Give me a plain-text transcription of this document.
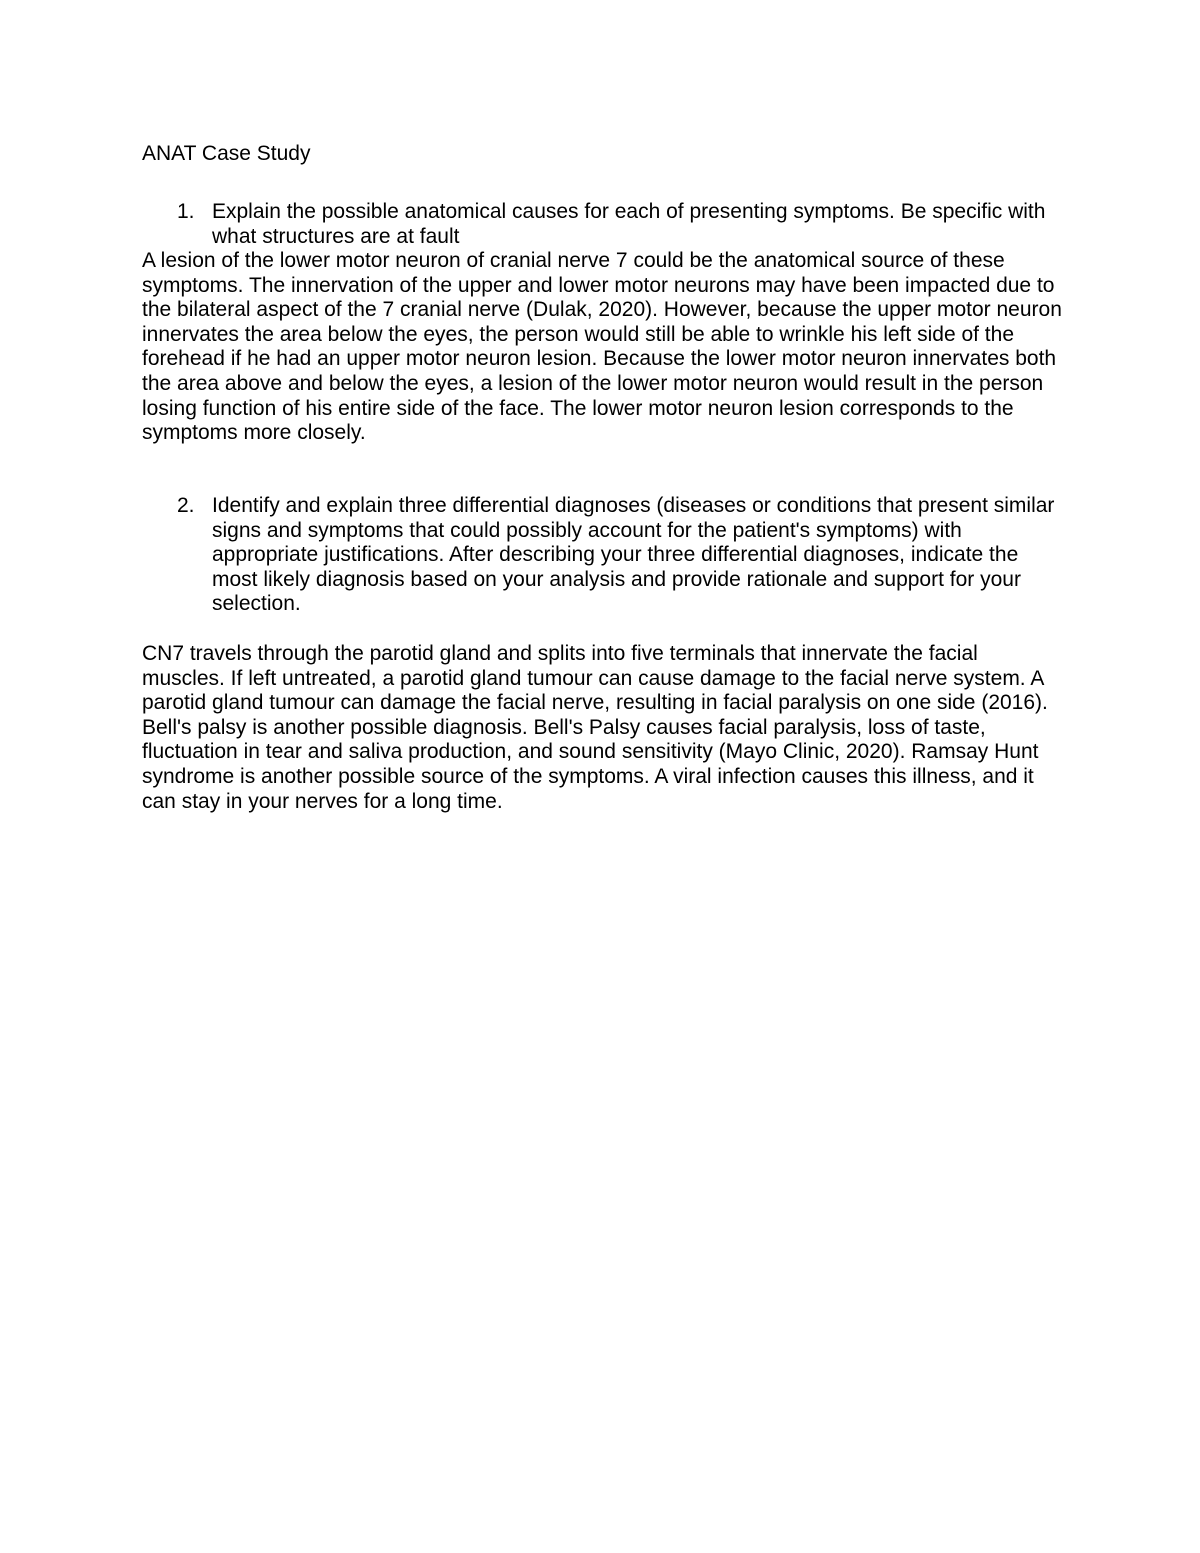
ANAT Case Study
1. Explain the possible anatomical causes for each of presenting symptoms. Be specific with what structures are at fault

A lesion of the lower motor neuron of cranial nerve 7 could be the anatomical source of these symptoms. The innervation of the upper and lower motor neurons may have been impacted due to the bilateral aspect of the 7 cranial nerve (Dulak, 2020). However, because the upper motor neuron innervates the area below the eyes, the person would still be able to wrinkle his left side of the forehead if he had an upper motor neuron lesion. Because the lower motor neuron innervates both the area above and below the eyes, a lesion of the lower motor neuron would result in the person losing function of his entire side of the face. The lower motor neuron lesion corresponds to the symptoms more closely.

2. Identify and explain three differential diagnoses (diseases or conditions that present similar signs and symptoms that could possibly account for the patient's symptoms) with appropriate justifications. After describing your three differential diagnoses, indicate the most likely diagnosis based on your analysis and provide rationale and support for your selection.

CN7 travels through the parotid gland and splits into five terminals that innervate the facial muscles. If left untreated, a parotid gland tumour can cause damage to the facial nerve system. A parotid gland tumour can damage the facial nerve, resulting in facial paralysis on one side (2016). Bell's palsy is another possible diagnosis. Bell's Palsy causes facial paralysis, loss of taste, fluctuation in tear and saliva production, and sound sensitivity (Mayo Clinic, 2020). Ramsay Hunt syndrome is another possible source of the symptoms. A viral infection causes this illness, and it can stay in your nerves for a long time.
